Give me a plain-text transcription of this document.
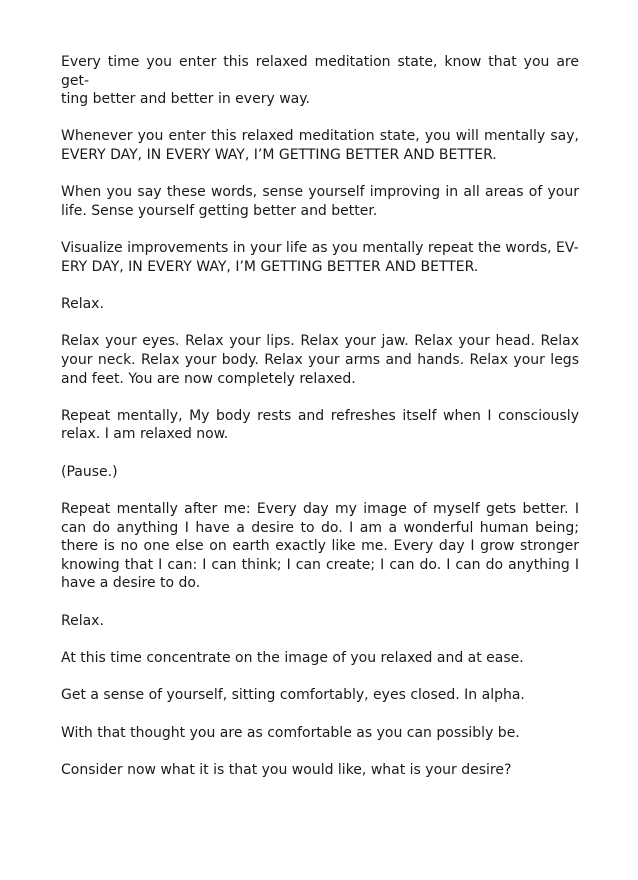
Every time you enter this relaxed meditation state, know that you are get-
ting better and better in every way.

Whenever you enter this relaxed meditation state, you will mentally say, EVERY DAY, IN EVERY WAY, I’M GETTING BETTER AND BETTER.

When you say these words, sense yourself improving in all areas of your life. Sense yourself getting better and better.

Visualize improvements in your life as you mentally repeat the words, EV-
ERY DAY, IN EVERY WAY, I’M GETTING BETTER AND BETTER.

Relax.

Relax your eyes. Relax your lips. Relax your jaw. Relax your head. Relax your neck. Relax your body. Relax your arms and hands. Relax your legs and feet. You are now completely relaxed.

Repeat mentally, My body rests and refreshes itself when I consciously relax. I am relaxed now.

(Pause.)

Repeat mentally after me: Every day my image of myself gets better. I can do anything I have a desire to do. I am a wonderful human being; there is no one else on earth exactly like me. Every day I grow stronger knowing that I can: I can think; I can create; I can do. I can do anything I have a desire to do.

Relax.

At this time concentrate on the image of you relaxed and at ease.

Get a sense of yourself, sitting comfortably, eyes closed. In alpha.

With that thought you are as comfortable as you can possibly be.

Consider now what it is that you would like, what is your desire?
